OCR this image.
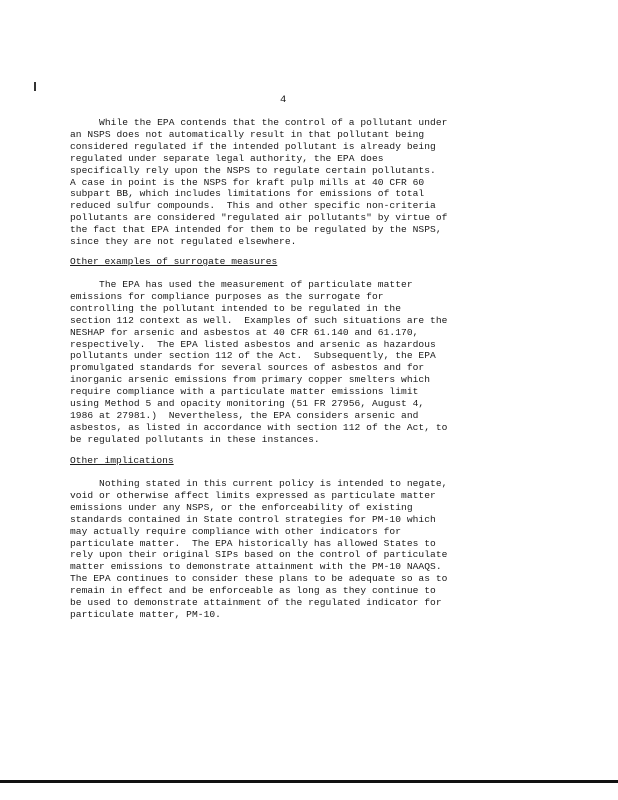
4

While the EPA contends that the control of a pollutant under
an NSPS does not automatically result in that pollutant being
considered regulated if the intended pollutant is already being
regulated under separate legal authority, the EPA does
specifically rely upon the NSPS to regulate certain pollutants.
A case in point is the NSPS for kraft pulp mills at 40 CFR 60
subpart BB, which includes limitations for emissions of total
reduced sulfur compounds.  This and other specific non-criteria
pollutants are considered "regulated air pollutants" by virtue of
the fact that EPA intended for them to be regulated by the NSPS,
since they are not regulated elsewhere.

Other examples of surrogate measures

The EPA has used the measurement of particulate matter
emissions for compliance purposes as the surrogate for
controlling the pollutant intended to be regulated in the
section 112 context as well.  Examples of such situations are the
NESHAP for arsenic and asbestos at 40 CFR 61.140 and 61.170,
respectively.  The EPA listed asbestos and arsenic as hazardous
pollutants under section 112 of the Act.  Subsequently, the EPA
promulgated standards for several sources of asbestos and for
inorganic arsenic emissions from primary copper smelters which
require compliance with a particulate matter emissions limit
using Method 5 and opacity monitoring (51 FR 27956, August 4,
1986 at 27981.)  Nevertheless, the EPA considers arsenic and
asbestos, as listed in accordance with section 112 of the Act, to
be regulated pollutants in these instances.

Other implications

Nothing stated in this current policy is intended to negate,
void or otherwise affect limits expressed as particulate matter
emissions under any NSPS, or the enforceability of existing
standards contained in State control strategies for PM-10 which
may actually require compliance with other indicators for
particulate matter.  The EPA historically has allowed States to
rely upon their original SIPs based on the control of particulate
matter emissions to demonstrate attainment with the PM-10 NAAQS.
The EPA continues to consider these plans to be adequate so as to
remain in effect and be enforceable as long as they continue to
be used to demonstrate attainment of the regulated indicator for
particulate matter, PM-10.
